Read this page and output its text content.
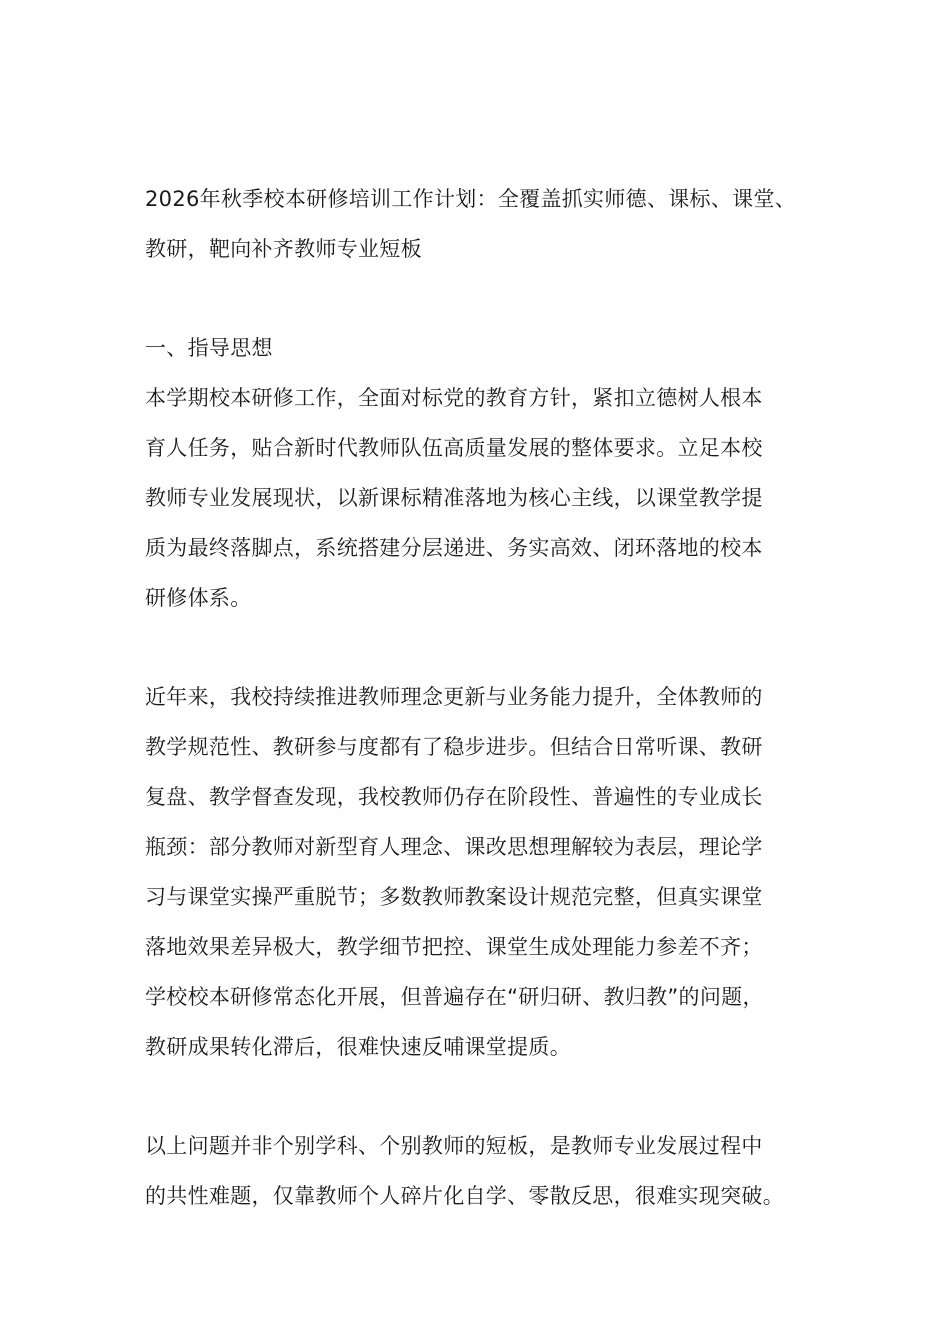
2026年秋季校本研修培训工作计划：全覆盖抓实师德、课标、课堂、
教研，靶向补齐教师专业短板
一、指导思想
本学期校本研修工作，全面对标党的教育方针，紧扣立德树人根本
育人任务，贴合新时代教师队伍高质量发展的整体要求。立足本校
教师专业发展现状，以新课标精准落地为核心主线，以课堂教学提
质为最终落脚点，系统搭建分层递进、务实高效、闭环落地的校本
研修体系。
近年来，我校持续推进教师理念更新与业务能力提升，全体教师的
教学规范性、教研参与度都有了稳步进步。但结合日常听课、教研
复盘、教学督查发现，我校教师仍存在阶段性、普遍性的专业成长
瓶颈：部分教师对新型育人理念、课改思想理解较为表层，理论学
习与课堂实操严重脱节；多数教师教案设计规范完整，但真实课堂
落地效果差异极大，教学细节把控、课堂生成处理能力参差不齐；
学校校本研修常态化开展，但普遍存在“研归研、教归教”的问题，
教研成果转化滞后，很难快速反哺课堂提质。
以上问题并非个别学科、个别教师的短板，是教师专业发展过程中
的共性难题，仅靠教师个人碎片化自学、零散反思，很难实现突破。
